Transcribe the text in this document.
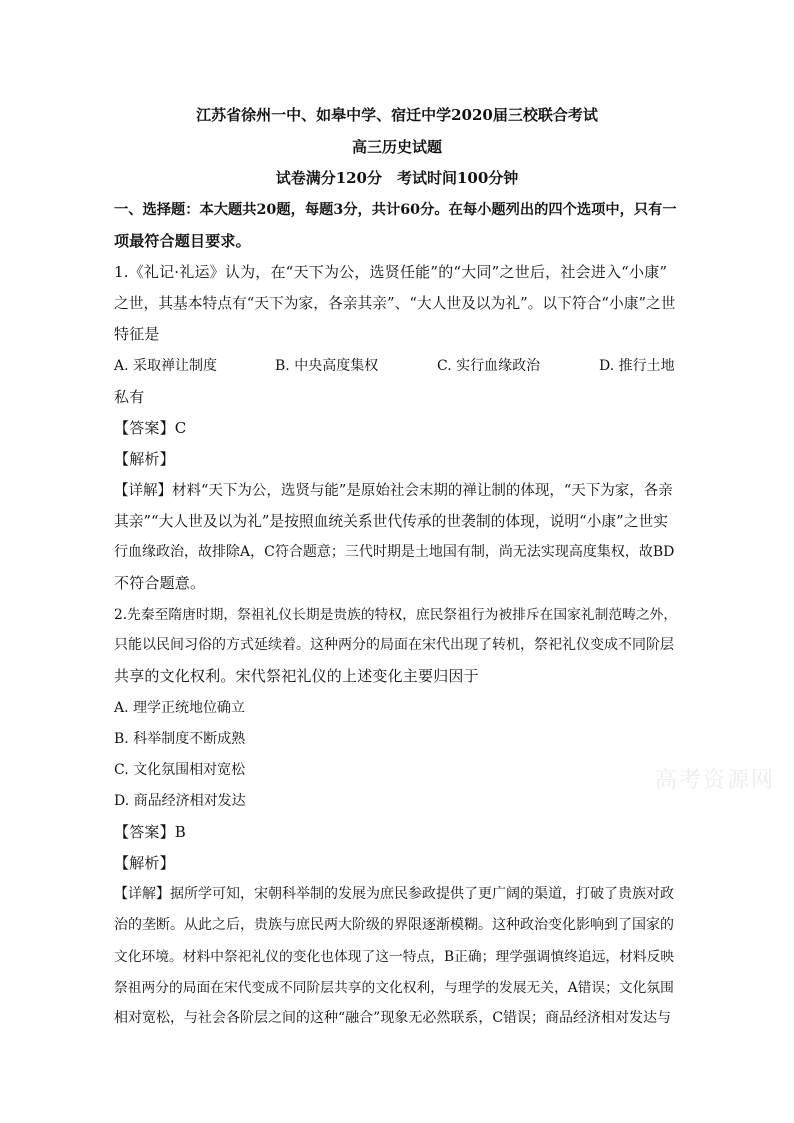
江苏省徐州一中、如皋中学、宿迁中学2020届三校联合考试
高三历史试题
试卷满分120分　考试时间100分钟
一、选择题：本大题共20题，每题3分，共计60分。在每小题列出的四个选项中，只有一
项最符合题目要求。
1.《礼记·礼运》认为，在“天下为公，选贤任能”的“大同”之世后，社会进入“小康”
之世，其基本特点有“天下为家，各亲其亲”、“大人世及以为礼”。以下符合“小康”之世
特征是
A. 采取禅让制度	B. 中央高度集权	C. 实行血缘政治	D. 推行土地
私有
【答案】C
【解析】
【详解】材料“天下为公，选贤与能”是原始社会末期的禅让制的体现，“天下为家，各亲
其亲”“大人世及以为礼”是按照血统关系世代传承的世袭制的体现，说明“小康”之世实
行血缘政治，故排除A，C符合题意；三代时期是土地国有制，尚无法实现高度集权，故BD
不符合题意。
2.先秦至隋唐时期，祭祖礼仪长期是贵族的特权，庶民祭祖行为被排斥在国家礼制范畴之外，
只能以民间习俗的方式延续着。这种两分的局面在宋代出现了转机，祭祀礼仪变成不同阶层
共享的文化权利。宋代祭祀礼仪的上述变化主要归因于
A. 理学正统地位确立
B. 科举制度不断成熟
C. 文化氛围相对宽松
D. 商品经济相对发达
【答案】B
【解析】
【详解】据所学可知，宋朝科举制的发展为庶民参政提供了更广阔的渠道，打破了贵族对政
治的垄断。从此之后，贵族与庶民两大阶级的界限逐渐模糊。这种政治变化影响到了国家的
文化环境。材料中祭祀礼仪的变化也体现了这一特点，B正确；理学强调慎终追远，材料反映
祭祖两分的局面在宋代变成不同阶层共享的文化权利，与理学的发展无关，A错误；文化氛围
相对宽松，与社会各阶层之间的这种“融合”现象无必然联系，C错误；商品经济相对发达与
高考资源网
